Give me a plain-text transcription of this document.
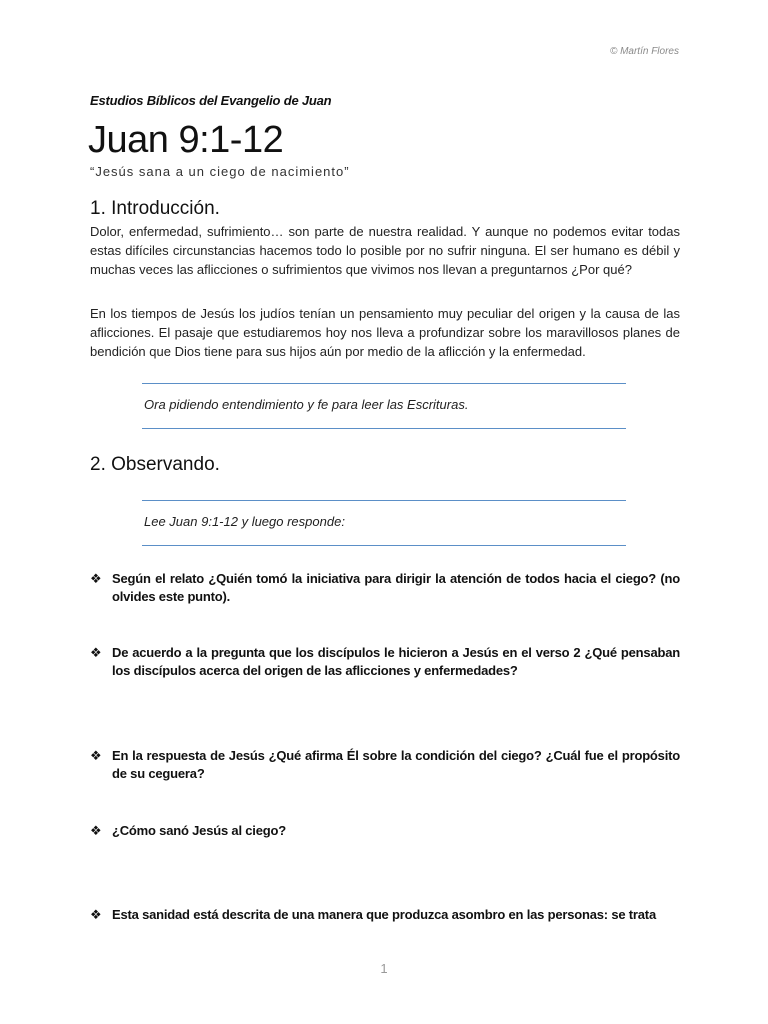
© Martín Flores
Estudios Bíblicos del Evangelio de Juan
Juan 9:1-12
“Jesús sana a un ciego de nacimiento”
1. Introducción.
Dolor, enfermedad, sufrimiento… son parte de nuestra realidad. Y aunque no podemos evitar todas estas difíciles circunstancias hacemos todo lo posible por no sufrir ninguna. El ser humano es débil y muchas veces las aflicciones o sufrimientos que vivimos nos llevan a preguntarnos ¿Por qué?
En los tiempos de Jesús los judíos tenían un pensamiento muy peculiar del origen y la causa de las aflicciones. El pasaje que estudiaremos hoy nos lleva a profundizar sobre los maravillosos planes de bendición que Dios tiene para sus hijos aún por medio de la aflicción y la enfermedad.
Ora pidiendo entendimiento y fe para leer las Escrituras.
2. Observando.
Lee Juan 9:1-12 y luego responde:
❖ Según el relato ¿Quién tomó la iniciativa para dirigir la atención de todos hacia el ciego? (no olvides este punto).
❖ De acuerdo a la pregunta que los discípulos le hicieron a Jesús en el verso 2 ¿Qué pensaban los discípulos acerca del origen de las aflicciones y enfermedades?
❖ En la respuesta de Jesús ¿Qué afirma Él sobre la condición del ciego? ¿Cuál fue el propósito de su ceguera?
❖ ¿Cómo sanó Jesús al ciego?
❖ Esta sanidad está descrita de una manera que produzca asombro en las personas: se trata
1
